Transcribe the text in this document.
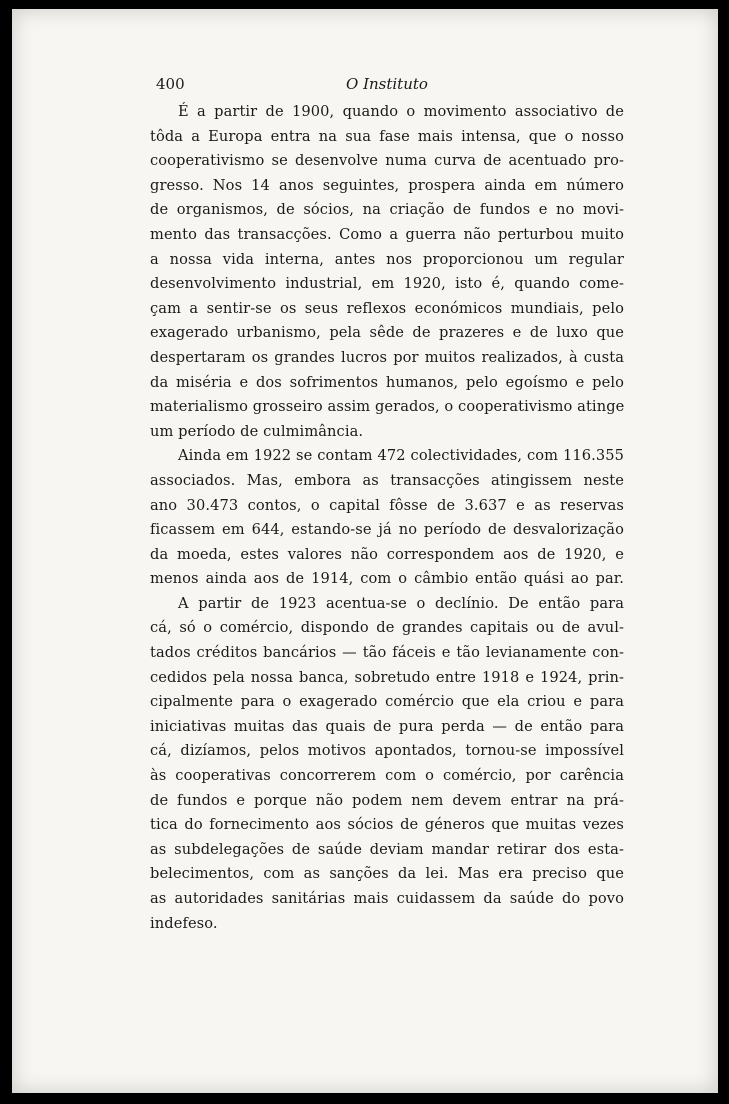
400	O Instituto
É a partir de 1900, quando o movimento associativo de
tôda a Europa entra na sua fase mais intensa, que o nosso
cooperativismo se desenvolve numa curva de acentuado pro-
gresso. Nos 14 anos seguintes, prospera ainda em número
de organismos, de sócios, na criação de fundos e no movi-
mento das transacções. Como a guerra não perturbou muito
a nossa vida interna, antes nos proporcionou um regular
desenvolvimento industrial, em 1920, isto é, quando come-
çam a sentir-se os seus reflexos económicos mundiais, pelo
exagerado urbanismo, pela sêde de prazeres e de luxo que
despertaram os grandes lucros por muitos realizados, à custa
da miséria e dos sofrimentos humanos, pelo egoísmo e pelo
materialismo grosseiro assim gerados, o cooperativismo atinge
um período de culmimância.
Ainda em 1922 se contam 472 colectividades, com 116.355
associados. Mas, embora as transacções atingissem neste
ano 30.473 contos, o capital fôsse de 3.637 e as reservas
ficassem em 644, estando-se já no período de desvalorização
da moeda, estes valores não correspondem aos de 1920, e
menos ainda aos de 1914, com o câmbio então quási ao par.
A partir de 1923 acentua-se o declínio. De então para
cá, só o comércio, dispondo de grandes capitais ou de avul-
tados créditos bancários — tão fáceis e tão levianamente con-
cedidos pela nossa banca, sobretudo entre 1918 e 1924, prin-
cipalmente para o exagerado comércio que ela criou e para
iniciativas muitas das quais de pura perda — de então para
cá, dizíamos, pelos motivos apontados, tornou-se impossível
às cooperativas concorrerem com o comércio, por carência
de fundos e porque não podem nem devem entrar na prá-
tica do fornecimento aos sócios de géneros que muitas vezes
as subdelegações de saúde deviam mandar retirar dos esta-
belecimentos, com as sanções da lei. Mas era preciso que
as autoridades sanitárias mais cuidassem da saúde do povo
indefeso.
